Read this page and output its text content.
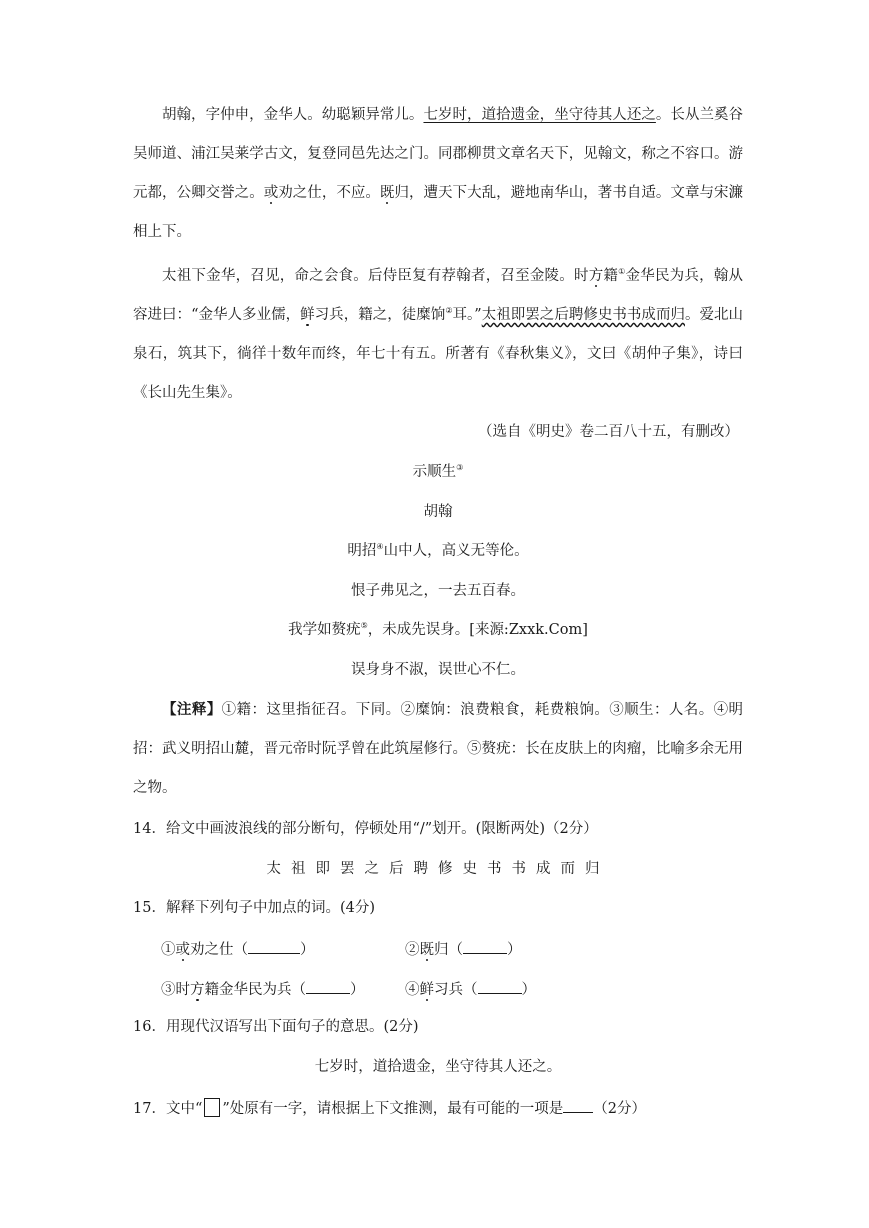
胡翰，字仲申，金华人。幼聪颖异常儿。七岁时，道拾遗金，坐守待其人还之。长从兰奚谷吴师道、浦江吴莱学古文，复登同邑先达之门。同郡柳贯文章名天下，见翰文，称之不容口。游元都，公卿交誉之。或劝之仕，不应。既归，遭天下大乱，避地南华山，著书自适。文章与宋濂相上下。

太祖下金华，召见，命之会食。后侍臣复有荐翰者，召至金陵。时方籍①金华民为兵，翰从容进曰：“金华人多业儒，鲜习兵，籍之，徒糜饷②耳。”太祖即罢之后聘修史书书成而归。爱北山泉石，筑其下，徜徉十数年而终，年七十有五。所著有《春秋集义》，文曰《胡仲子集》，诗曰《长山先生集》。

（选自《明史》卷二百八十五，有删改）

示顺生③

胡翰

明招④山中人，高义无等伦。

恨子弗见之，一去五百春。

我学如赘疣⑤，未成先误身。[来源:Zxxk.Com]

误身身不淑，误世心不仁。

【注释】①籍：这里指征召。下同。②糜饷：浪费粮食，耗费粮饷。③顺生：人名。④明招：武义明招山麓，晋元帝时阮孚曾在此筑屋修行。⑤赘疣：长在皮肤上的肉瘤，比喻多余无用之物。

14．给文中画波浪线的部分断句，停顿处用“/”划开。(限断两处)（2分）

太祖即罢之后聘修史书书成而归

15．解释下列句子中加点的词。(4分)

①或劝之仕（	）	②既归（	）

③时方籍金华民为兵（	）	④鲜习兵（	）

16．用现代汉语写出下面句子的意思。(2分)

七岁时，道拾遗金，坐守待其人还之。

17．文中“ ”处原有一字，请根据上下文推测，最有可能的一项是 （2分）
